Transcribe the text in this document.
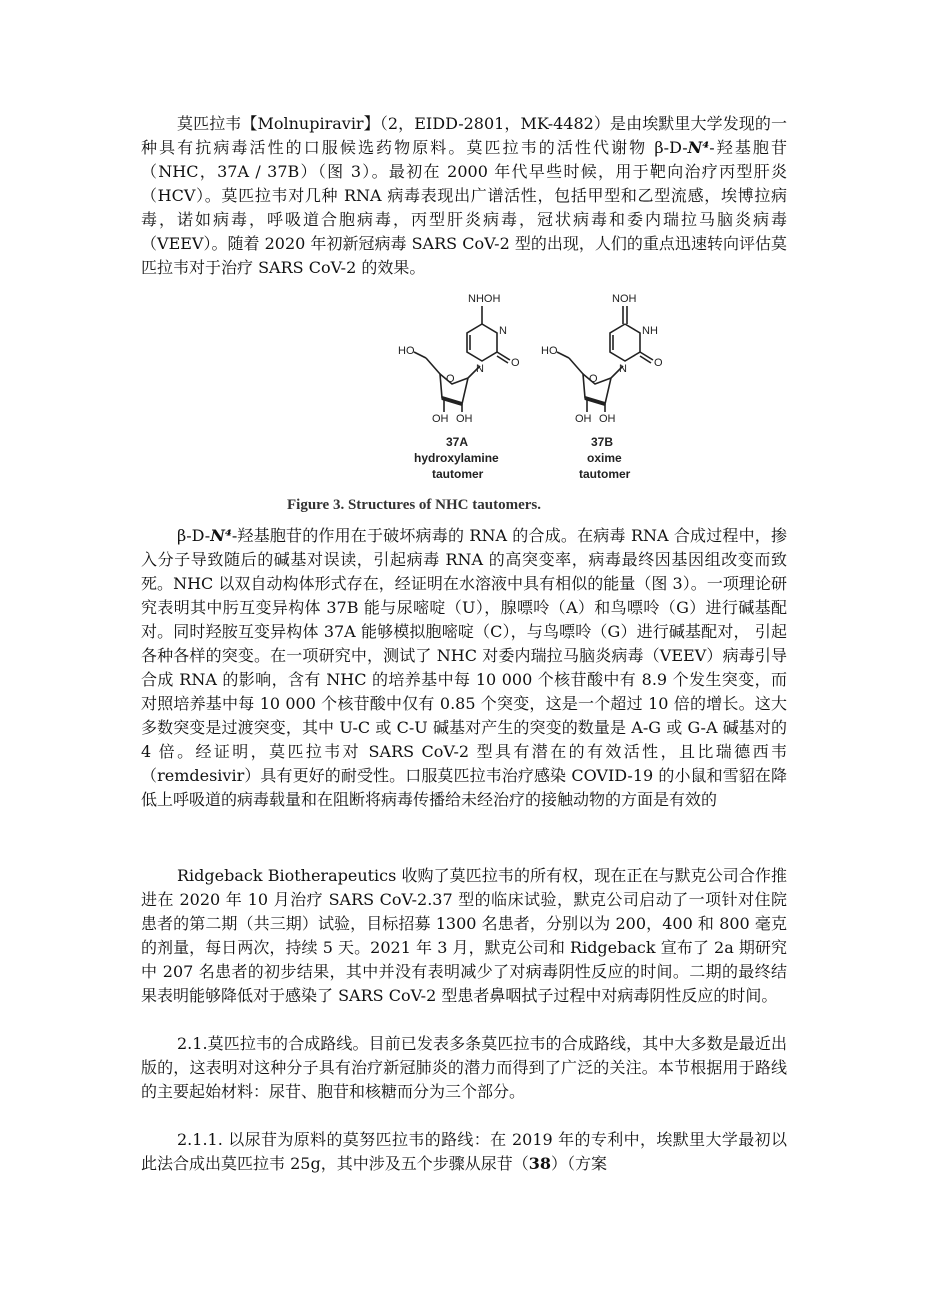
莫匹拉韦【Molnupiravir】（2，EIDD-2801，MK-4482）是由埃默里大学发现的一种具有抗病毒活性的口服候选药物原料。莫匹拉韦的活性代谢物 β-D-N⁴-羟基胞苷（NHC，37A / 37B）（图 3）。最初在 2000 年代早些时候，用于靶向治疗丙型肝炎（HCV）。莫匹拉韦对几种 RNA 病毒表现出广谱活性，包括甲型和乙型流感，埃博拉病毒，诺如病毒，呼吸道合胞病毒，丙型肝炎病毒，冠状病毒和委内瑞拉马脑炎病毒（VEEV）。随着 2020 年初新冠病毒 SARS CoV-2 型的出现，人们的重点迅速转向评估莫匹拉韦对于治疗 SARS CoV-2 的效果。
NHOH
N
N O
O
HO
OH OH
37A
hydroxylamine
tautomer
NOH
NH
N O
O
HO
OH OH
37B
oxime
tautomer
Figure 3. Structures of NHC tautomers.
β-D-N⁴-羟基胞苷的作用在于破坏病毒的 RNA 的合成。在病毒 RNA 合成过程中，掺入分子导致随后的碱基对误读，引起病毒 RNA 的高突变率，病毒最终因基因组改变而致死。NHC 以双自动构体形式存在，经证明在水溶液中具有相似的能量（图 3）。一项理论研究表明其中肟互变异构体 37B 能与尿嘧啶（U），腺嘌呤（A）和鸟嘌呤（G）进行碱基配对。同时羟胺互变异构体 37A 能够模拟胞嘧啶（C），与鸟嘌呤（G）进行碱基配对， 引起各种各样的突变。在一项研究中，测试了 NHC 对委内瑞拉马脑炎病毒（VEEV）病毒引导合成 RNA 的影响，含有 NHC 的培养基中每 10 000 个核苷酸中有 8.9 个发生突变，而对照培养基中每 10 000 个核苷酸中仅有 0.85 个突变，这是一个超过 10 倍的增长。这大多数突变是过渡突变，其中 U-C 或 C-U 碱基对产生的突变的数量是 A-G 或 G-A 碱基对的 4 倍。经证明，莫匹拉韦对 SARS CoV-2 型具有潜在的有效活性，且比瑞德西韦（remdesivir）具有更好的耐受性。口服莫匹拉韦治疗感染 COVID-19 的小鼠和雪貂在降低上呼吸道的病毒载量和在阻断将病毒传播给未经治疗的接触动物的方面是有效的
Ridgeback Biotherapeutics 收购了莫匹拉韦的所有权，现在正在与默克公司合作推进在 2020 年 10 月治疗 SARS CoV-2.37 型的临床试验，默克公司启动了一项针对住院患者的第二期（共三期）试验，目标招募 1300 名患者，分别以为 200，400 和 800 毫克的剂量，每日两次，持续 5 天。2021 年 3 月，默克公司和 Ridgeback 宣布了 2a 期研究中 207 名患者的初步结果，其中并没有表明减少了对病毒阴性反应的时间。二期的最终结果表明能够降低对于感染了 SARS CoV-2 型患者鼻咽拭子过程中对病毒阴性反应的时间。
2.1.莫匹拉韦的合成路线。目前已发表多条莫匹拉韦的合成路线，其中大多数是最近出版的，这表明对这种分子具有治疗新冠肺炎的潜力而得到了广泛的关注。本节根据用于路线的主要起始材料：尿苷、胞苷和核糖而分为三个部分。
2.1.1. 以尿苷为原料的莫努匹拉韦的路线：在 2019 年的专利中，埃默里大学最初以此法合成出莫匹拉韦 25g，其中涉及五个步骤从尿苷（38）（方案
